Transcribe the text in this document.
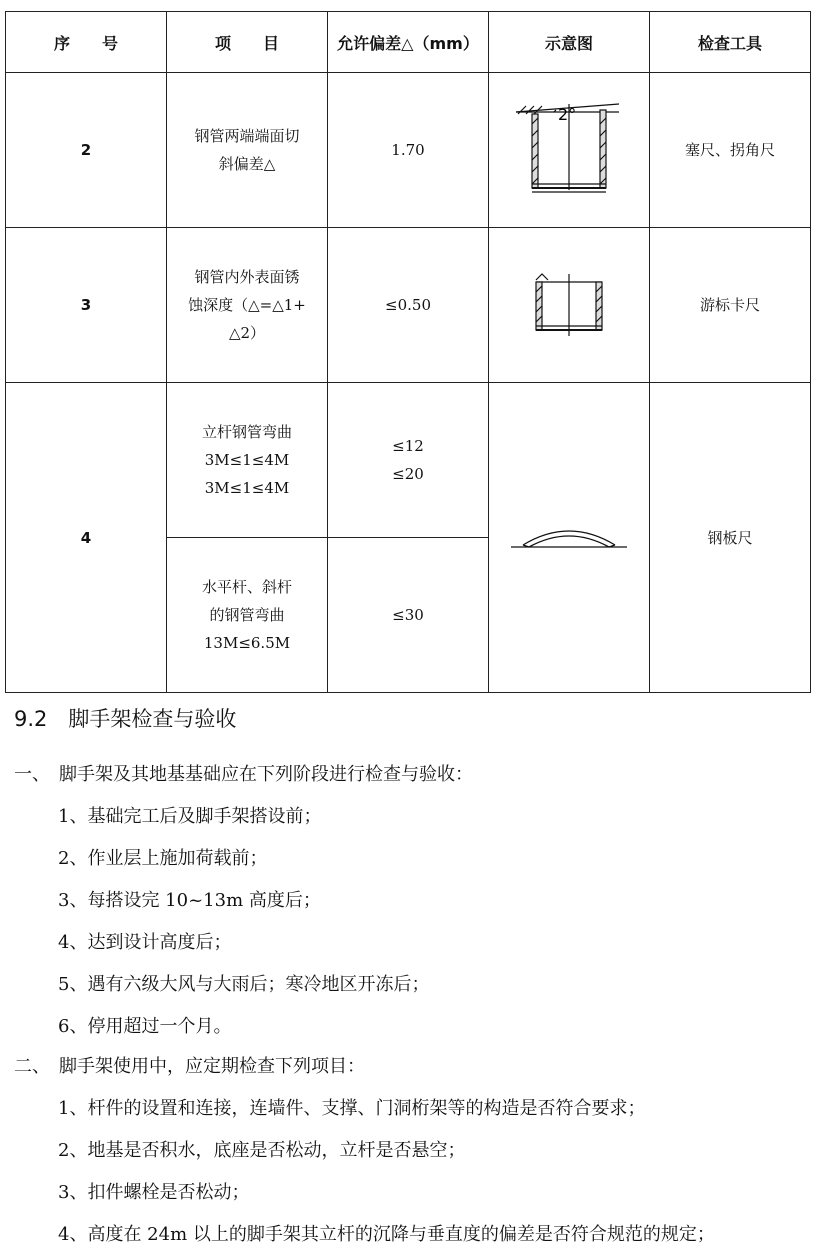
序　　号	项　　目	允许偏差△（mm）	示意图	检查工具
2	钢管两端端面切
斜偏差△	1.70	2°	塞尺、拐角尺
3	钢管内外表面锈
蚀深度（△=△1+
△2）	≤0.50		游标卡尺
4	立杆钢管弯曲
3M≤1≤4M
3M≤1≤4M	≤12
≤20		钢板尺
	水平杆、斜杆
的钢管弯曲
13M≤6.5M	≤30		
9.2　脚手架检查与验收
一、　脚手架及其地基基础应在下列阶段进行检查与验收：
1、基础完工后及脚手架搭设前；
2、作业层上施加荷载前；
3、每搭设完 10~13m 高度后；
4、达到设计高度后；
5、遇有六级大风与大雨后；寒冷地区开冻后；
6、停用超过一个月。
二、　脚手架使用中，应定期检查下列项目：
1、杆件的设置和连接，连墙件、支撑、门洞桁架等的构造是否符合要求；
2、地基是否积水，底座是否松动，立杆是否悬空；
3、扣件螺栓是否松动；
4、高度在 24m 以上的脚手架其立杆的沉降与垂直度的偏差是否符合规范的规定；
